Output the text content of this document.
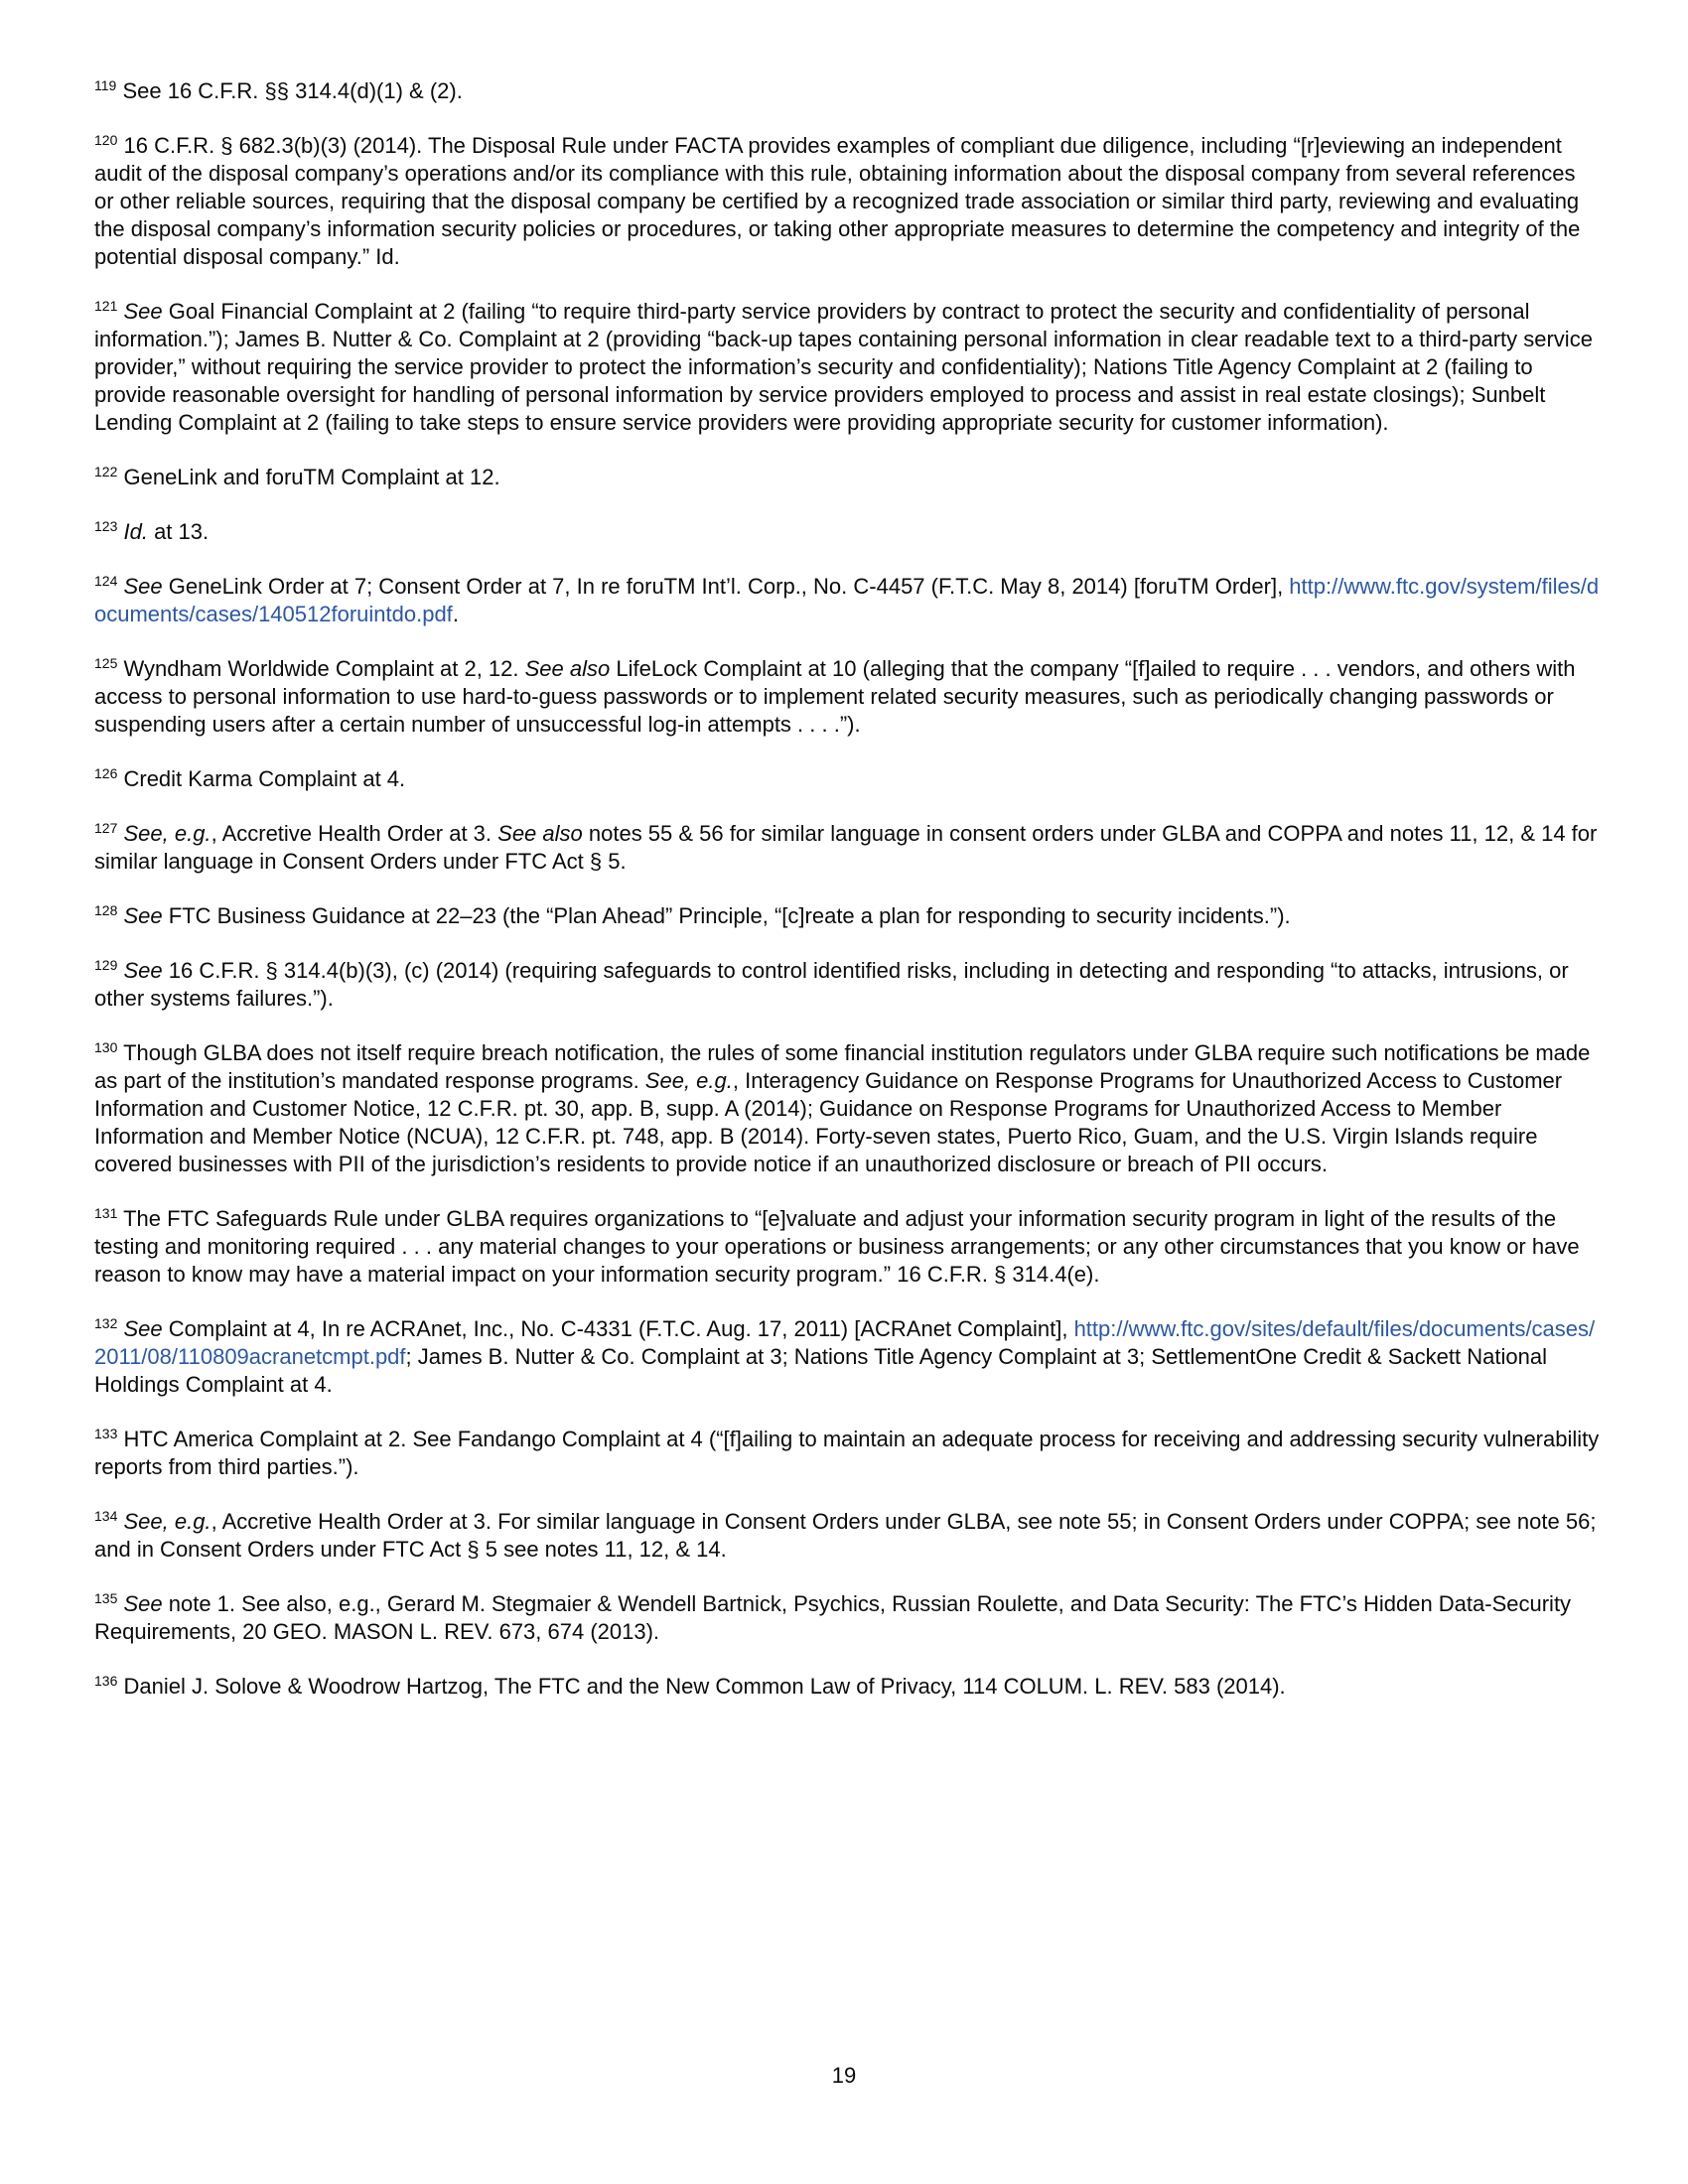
$^{119}$ See 16 C.F.R. §§ 314.4(d)(1) & (2).

$^{120}$ 16 C.F.R. § 682.3(b)(3) (2014). The Disposal Rule under FACTA provides examples of compliant due diligence, including “[r]eviewing an independent audit of the disposal company’s operations and/or its compliance with this rule, obtaining information about the disposal company from several references or other reliable sources, requiring that the disposal company be certified by a recognized trade association or similar third party, reviewing and evaluating the disposal company’s information security policies or procedures, or taking other appropriate measures to determine the competency and integrity of the potential disposal company.” Id.

$^{121}$ See Goal Financial Complaint at 2 (failing “to require third-party service providers by contract to protect the security and confidentiality of personal information.”); James B. Nutter & Co. Complaint at 2 (providing “back-up tapes containing personal information in clear readable text to a third-party service provider,” without requiring the service provider to protect the information’s security and confidentiality); Nations Title Agency Complaint at 2 (failing to provide reasonable oversight for handling of personal information by service providers employed to process and assist in real estate closings); Sunbelt Lending Complaint at 2 (failing to take steps to ensure service providers were providing appropriate security for customer information).

$^{122}$ GeneLink and foruTM Complaint at 12.

$^{123}$ Id. at 13.

$^{124}$ See GeneLink Order at 7; Consent Order at 7, In re foruTM Int’l. Corp., No. C-4457 (F.T.C. May 8, 2014) [foruTM Order], http://www.ftc.gov/system/files/documents/cases/140512foruintdo.pdf.

$^{125}$ Wyndham Worldwide Complaint at 2, 12. See also LifeLock Complaint at 10 (alleging that the company “[f]ailed to require . . . vendors, and others with access to personal information to use hard-to-guess passwords or to implement related security measures, such as periodically changing passwords or suspending users after a certain number of unsuccessful log-in attempts . . . .”).

$^{126}$ Credit Karma Complaint at 4.

$^{127}$ See, e.g., Accretive Health Order at 3. See also notes 55 & 56 for similar language in consent orders under GLBA and COPPA and notes 11, 12, & 14 for similar language in Consent Orders under FTC Act § 5.

$^{128}$ See FTC Business Guidance at 22–23 (the “Plan Ahead” Principle, “[c]reate a plan for responding to security incidents.”).

$^{129}$ See 16 C.F.R. § 314.4(b)(3), (c) (2014) (requiring safeguards to control identified risks, including in detecting and responding “to attacks, intrusions, or other systems failures.”).

$^{130}$ Though GLBA does not itself require breach notification, the rules of some financial institution regulators under GLBA require such notifications be made as part of the institution’s mandated response programs. See, e.g., Interagency Guidance on Response Programs for Unauthorized Access to Customer Information and Customer Notice, 12 C.F.R. pt. 30, app. B, supp. A (2014); Guidance on Response Programs for Unauthorized Access to Member Information and Member Notice (NCUA), 12 C.F.R. pt. 748, app. B (2014). Forty-seven states, Puerto Rico, Guam, and the U.S. Virgin Islands require covered businesses with PII of the jurisdiction’s residents to provide notice if an unauthorized disclosure or breach of PII occurs.

$^{131}$ The FTC Safeguards Rule under GLBA requires organizations to “[e]valuate and adjust your information security program in light of the results of the testing and monitoring required . . . any material changes to your operations or business arrangements; or any other circumstances that you know or have reason to know may have a material impact on your information security program.” 16 C.F.R. § 314.4(e).

$^{132}$ See Complaint at 4, In re ACRAnet, Inc., No. C-4331 (F.T.C. Aug. 17, 2011) [ACRAnet Complaint], http://www.ftc.gov/sites/default/files/documents/cases/2011/08/110809acranetcmpt.pdf; James B. Nutter & Co. Complaint at 3; Nations Title Agency Complaint at 3; SettlementOne Credit & Sackett National Holdings Complaint at 4.

$^{133}$ HTC America Complaint at 2. See Fandango Complaint at 4 (“[f]ailing to maintain an adequate process for receiving and addressing security vulnerability reports from third parties.”).

$^{134}$ See, e.g., Accretive Health Order at 3. For similar language in Consent Orders under GLBA, see note 55; in Consent Orders under COPPA; see note 56; and in Consent Orders under FTC Act § 5 see notes 11, 12, & 14.

$^{135}$ See note 1. See also, e.g., Gerard M. Stegmaier & Wendell Bartnick, Psychics, Russian Roulette, and Data Security: The FTC’s Hidden Data-Security Requirements, 20 GEO. MASON L. REV. 673, 674 (2013).

$^{136}$ Daniel J. Solove & Woodrow Hartzog, The FTC and the New Common Law of Privacy, 114 COLUM. L. REV. 583 (2014).

19
